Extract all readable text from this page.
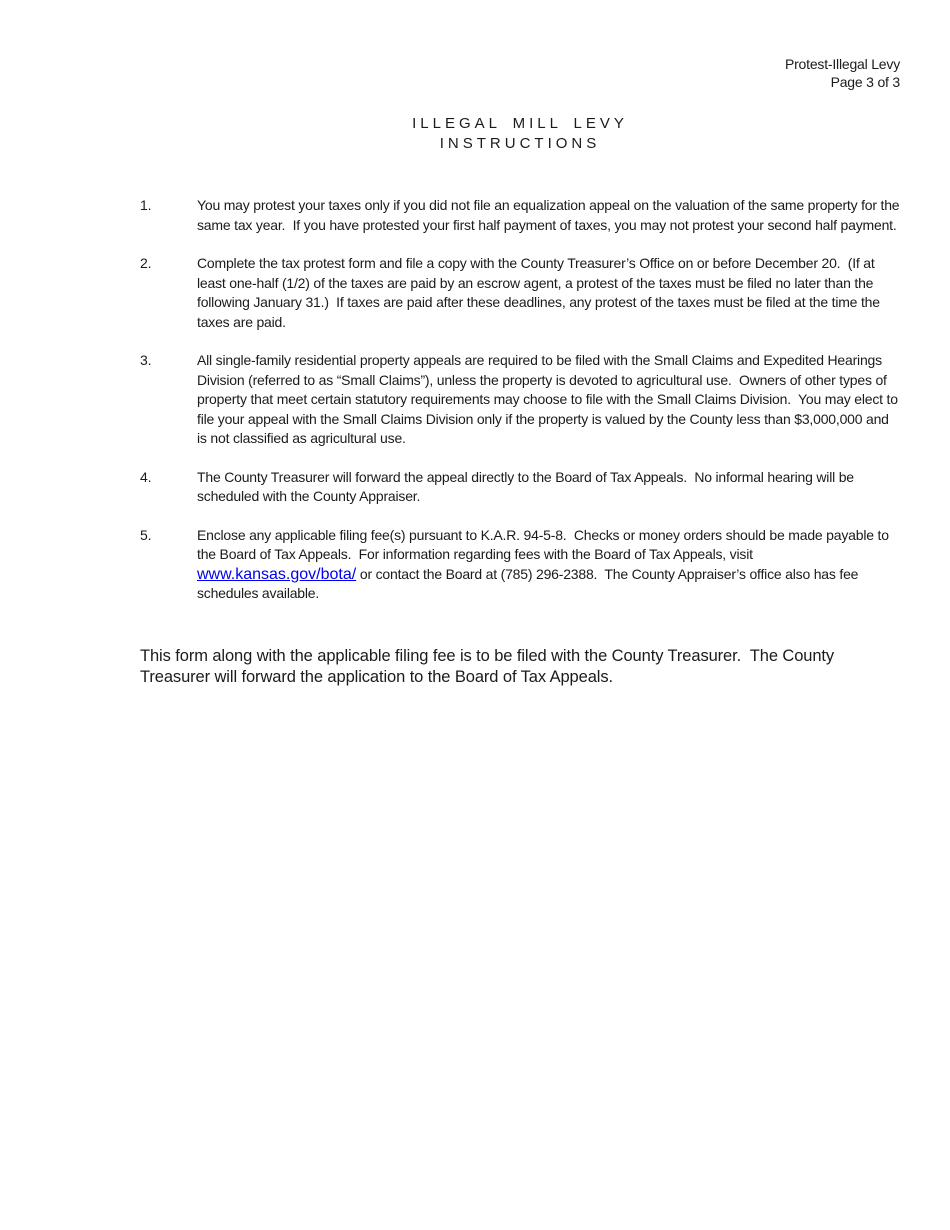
Protest-Illegal Levy
Page 3 of 3
ILLEGAL MILL LEVY
INSTRUCTIONS
1.	You may protest your taxes only if you did not file an equalization appeal on the valuation of the same property for the same tax year.  If you have protested your first half payment of taxes, you may not protest your second half payment.
2.	Complete the tax protest form and file a copy with the County Treasurer’s Office on or before December 20.  (If at least one-half (1/2) of the taxes are paid by an escrow agent, a protest of the taxes must be filed no later than the following January 31.)  If taxes are paid after these deadlines, any protest of the taxes must be filed at the time the taxes are paid.
3.	All single-family residential property appeals are required to be filed with the Small Claims and Expedited Hearings Division (referred to as “Small Claims”), unless the property is devoted to agricultural use.  Owners of other types of property that meet certain statutory requirements may choose to file with the Small Claims Division.  You may elect to file your appeal with the Small Claims Division only if the property is valued by the County less than $3,000,000 and is not classified as agricultural use.
4.	The County Treasurer will forward the appeal directly to the Board of Tax Appeals.  No informal hearing will be scheduled with the County Appraiser.
5.	Enclose any applicable filing fee(s) pursuant to K.A.R. 94-5-8.  Checks or money orders should be made payable to the Board of Tax Appeals.  For information regarding fees with the Board of Tax Appeals, visit www.kansas.gov/bota/ or contact the Board at (785) 296-2388.  The County Appraiser’s office also has fee schedules available.
This form along with the applicable filing fee is to be filed with the County Treasurer.  The County Treasurer will forward the application to the Board of Tax Appeals.
